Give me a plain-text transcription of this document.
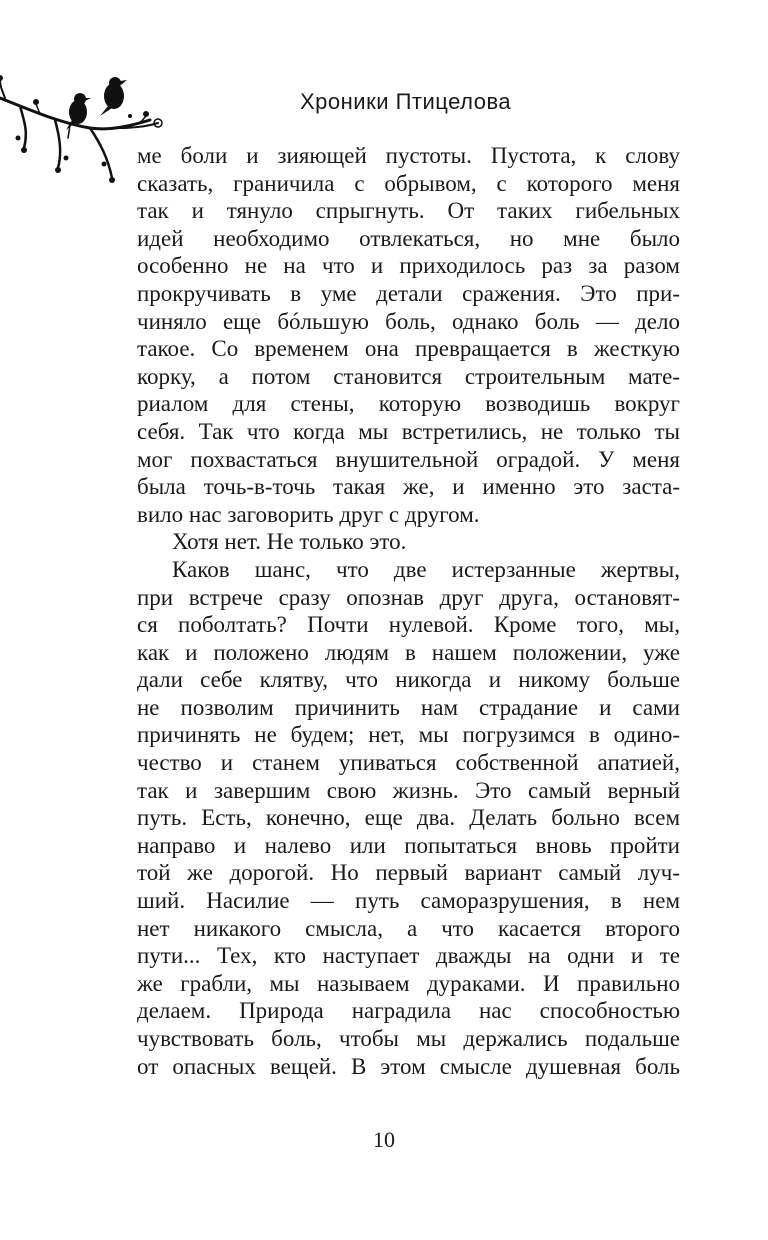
Хроники Птицелова
ме боли и зияющей пустоты. Пустота, к слову
сказать, граничила с обрывом, с которого меня
так и тянуло спрыгнуть. От таких гибельных
идей необходимо отвлекаться, но мне было
особенно не на что и приходилось раз за разом
прокручивать в уме детали сражения. Это при-
чиняло еще бóльшую боль, однако боль — дело
такое. Со временем она превращается в жесткую
корку, а потом становится строительным мате-
риалом для стены, которую возводишь вокруг
себя. Так что когда мы встретились, не только ты
мог похвастаться внушительной оградой. У меня
была точь-в-точь такая же, и именно это заста-
вило нас заговорить друг с другом.
Хотя нет. Не только это.
Каков шанс, что две истерзанные жертвы,
при встрече сразу опознав друг друга, остановят-
ся поболтать? Почти нулевой. Кроме того, мы,
как и положено людям в нашем положении, уже
дали себе клятву, что никогда и никому больше
не позволим причинить нам страдание и сами
причинять не будем; нет, мы погрузимся в одино-
чество и станем упиваться собственной апатией,
так и завершим свою жизнь. Это самый верный
путь. Есть, конечно, еще два. Делать больно всем
направо и налево или попытаться вновь пройти
той же дорогой. Но первый вариант самый луч-
ший. Насилие — путь саморазрушения, в нем
нет никакого смысла, а что касается второго
пути... Тех, кто наступает дважды на одни и те
же грабли, мы называем дураками. И правильно
делаем. Природа наградила нас способностью
чувствовать боль, чтобы мы держались подальше
от опасных вещей. В этом смысле душевная боль
10
